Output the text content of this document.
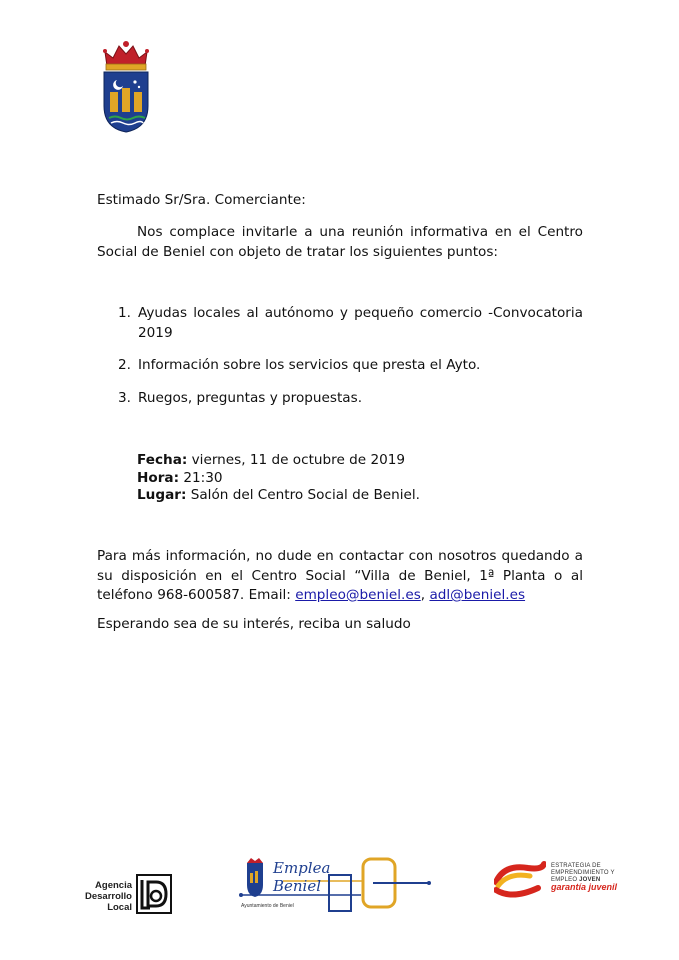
Estimado Sr/Sra. Comerciante:
Nos complace invitarle a una reunión informativa en el Centro Social de Beniel con objeto de tratar los siguientes puntos:
1. Ayudas locales al autónomo y pequeño comercio -Convocatoria 2019
2. Información sobre los servicios que presta el Ayto.
3. Ruegos, preguntas y propuestas.
Fecha: viernes, 11 de octubre de 2019
Hora: 21:30
Lugar: Salón del Centro Social de Beniel.
Para más información, no dude en contactar con nosotros quedando a su disposición en el Centro Social “Villa de Beniel, 1ª Planta o al teléfono 968-600587. Email: empleo@beniel.es, adl@beniel.es
Esperando sea de su interés, reciba un saludo
Agencia
Desarrollo
Local
Emplea
Beniel
Ayuntamiento de Beniel
ESTRATEGIA DE
EMPRENDIMIENTO Y
EMPLEO JOVEN
garantía juvenil
